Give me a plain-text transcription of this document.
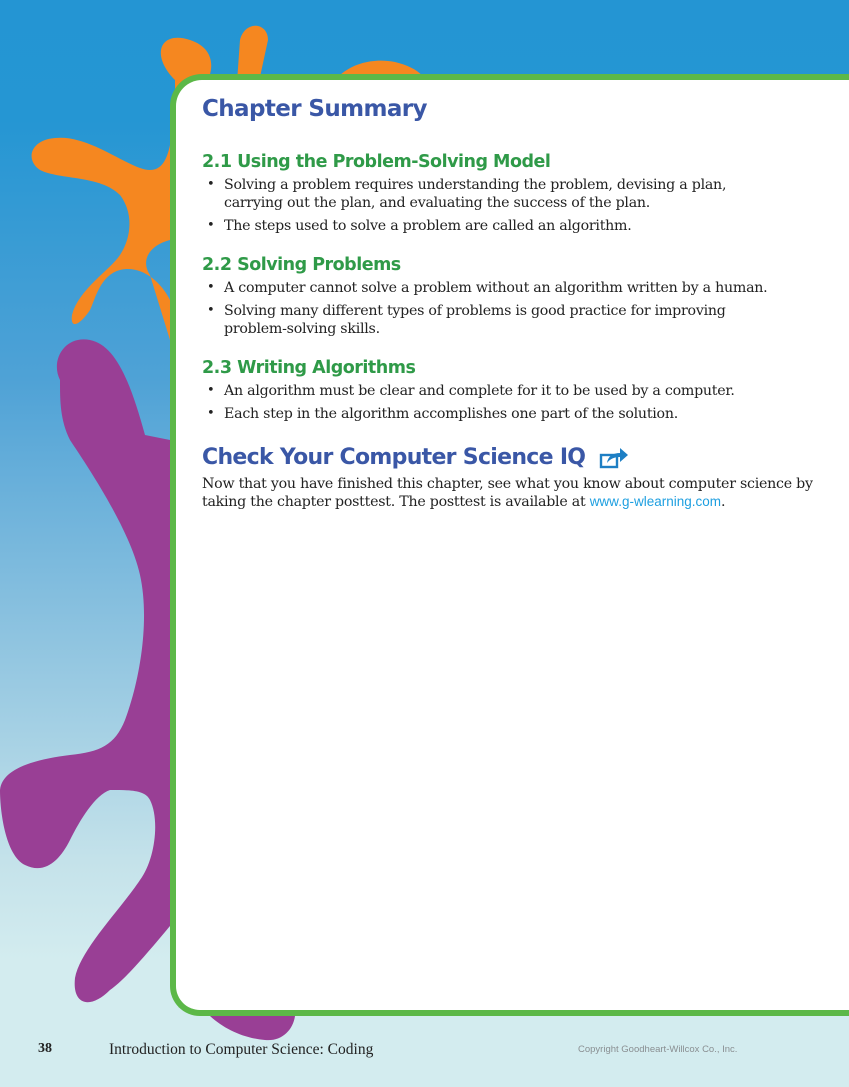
Chapter Summary
2.1 Using the Problem-Solving Model
• Solving a problem requires understanding the problem, devising a plan, carrying out the plan, and evaluating the success of the plan.
• The steps used to solve a problem are called an algorithm.
2.2 Solving Problems
• A computer cannot solve a problem without an algorithm written by a human.
• Solving many different types of problems is good practice for improving problem-solving skills.
2.3 Writing Algorithms
• An algorithm must be clear and complete for it to be used by a computer.
• Each step in the algorithm accomplishes one part of the solution.
Check Your Computer Science IQ

Now that you have finished this chapter, see what you know about computer science by taking the chapter posttest. The posttest is available at www.g-wlearning.com.

38	Introduction to Computer Science: Coding	Copyright Goodheart-Willcox Co., Inc.
